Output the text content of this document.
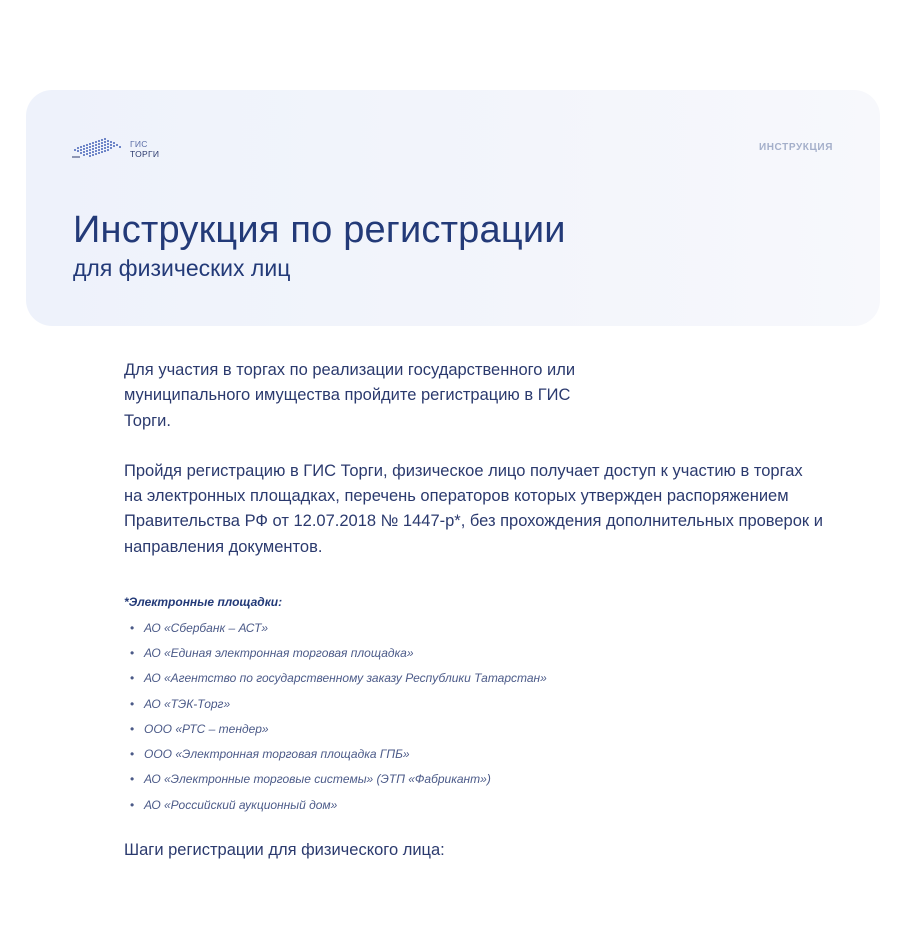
ГИС
ТОРГИ
ИНСТРУКЦИЯ
Инструкция по регистрации
для физических лиц

Для участия в торгах по реализации государственного или муниципального имущества пройдите регистрацию в ГИС Торги.

Пройдя регистрацию в ГИС Торги, физическое лицо получает доступ к участию в торгах на электронных площадках, перечень операторов которых утвержден распоряжением Правительства РФ от 12.07.2018 № 1447-р*, без прохождения дополнительных проверок и направления документов.

*Электронные площадки:

• АО «Сбербанк – АСТ»
• АО «Единая электронная торговая площадка»
• АО «Агентство по государственному заказу Республики Татарстан»
• АО «ТЭК-Торг»
• ООО «РТС – тендер»
• ООО «Электронная торговая площадка ГПБ»
• АО «Электронные торговые системы» (ЭТП «Фабрикант»)
• АО «Российский аукционный дом»
Шаги регистрации для физического лица:
